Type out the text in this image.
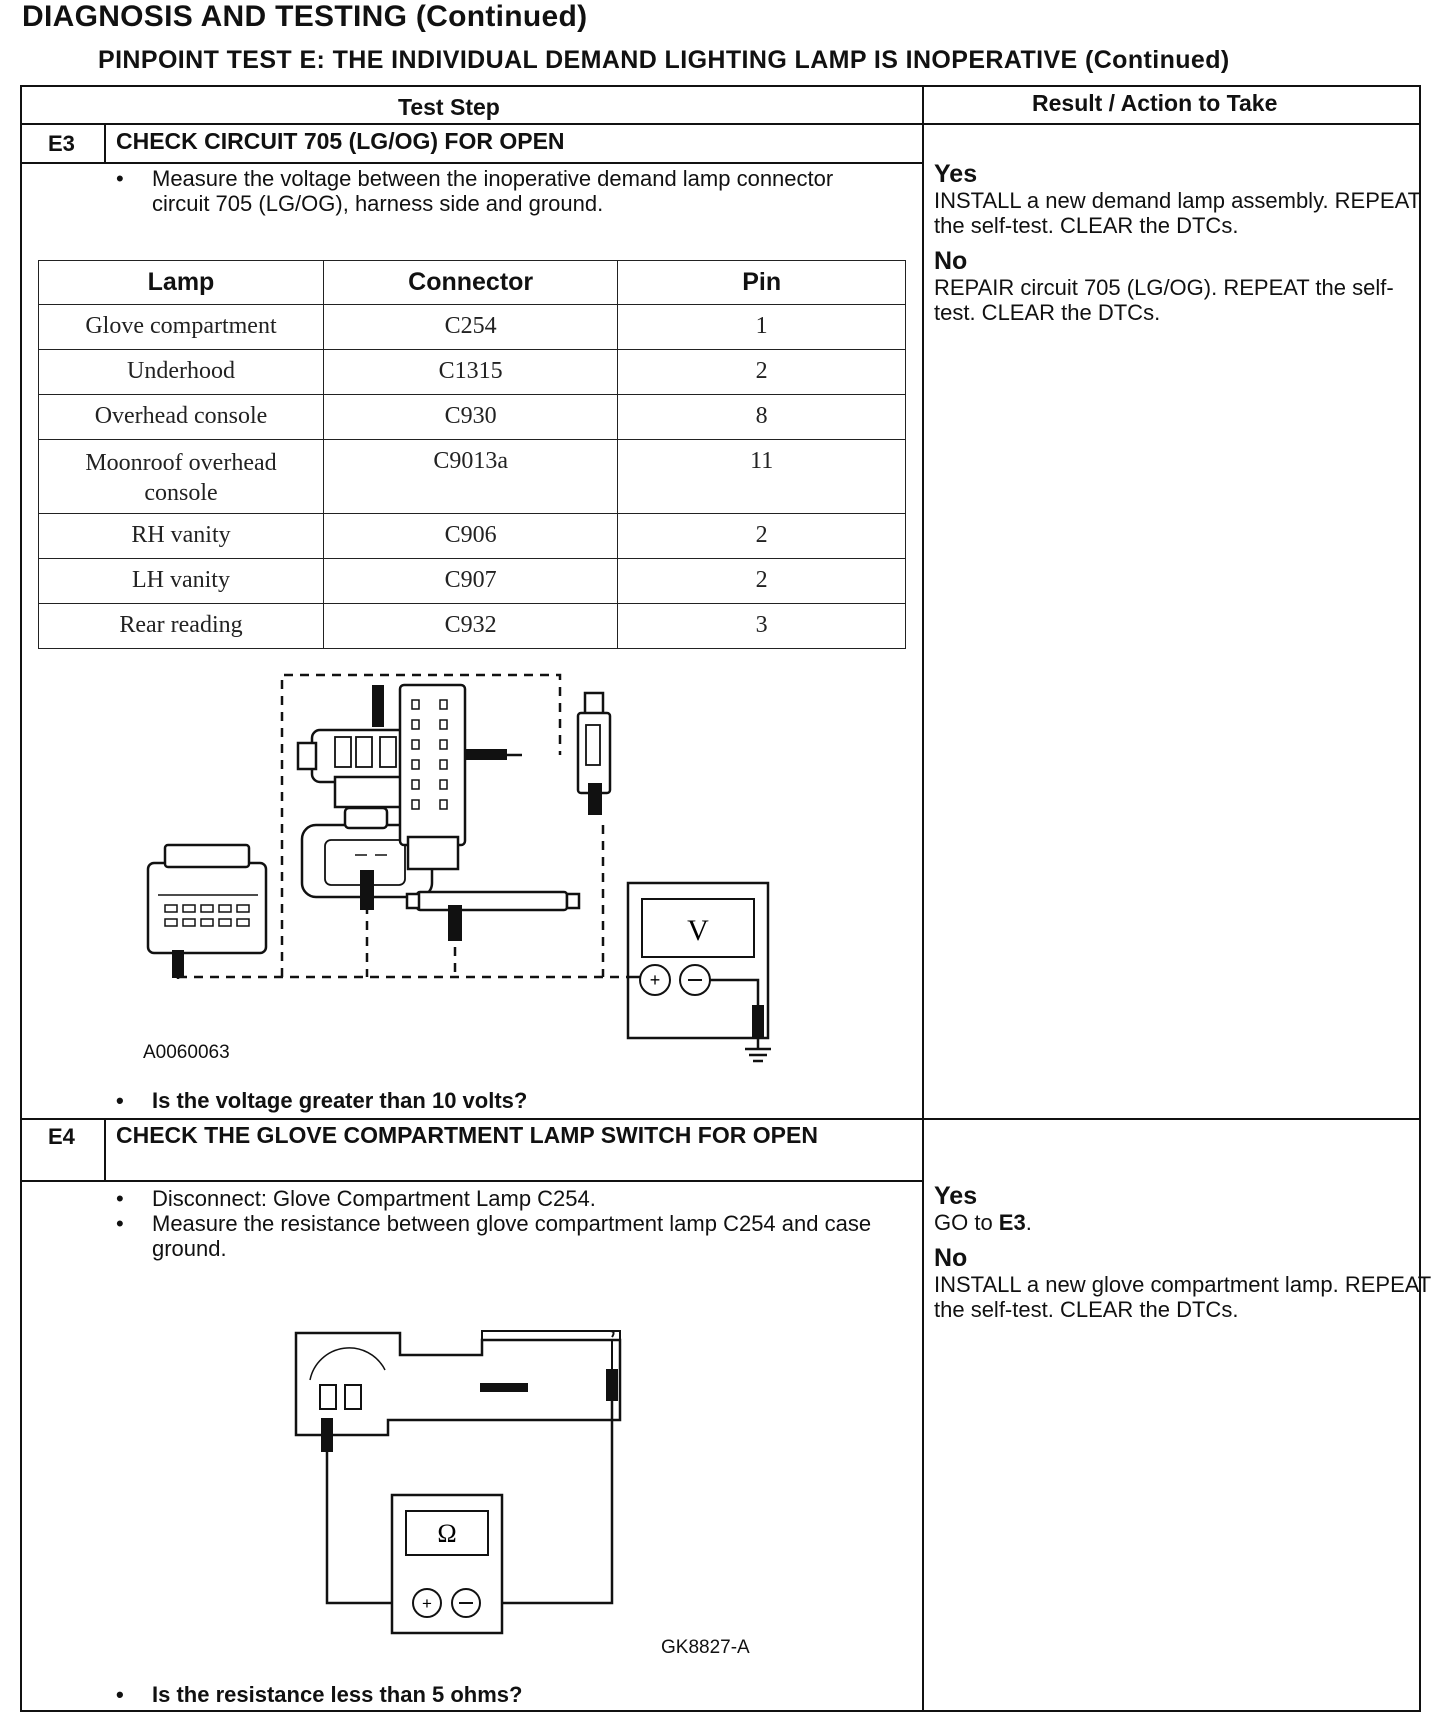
DIAGNOSIS AND TESTING (Continued)
PINPOINT TEST E: THE INDIVIDUAL DEMAND LIGHTING LAMP IS INOPERATIVE (Continued)
Test Step	Result / Action to Take
E3 CHECK CIRCUIT 705 (LG/OG) FOR OPEN
• Measure the voltage between the inoperative demand lamp connector circuit 705 (LG/OG), harness side and ground.
Lamp	Connector	Pin
Glove compartment	C254	1
Underhood	C1315	2
Overhead console	C930	8
Moonroof overhead console	C9013a	11
RH vanity	C906	2
LH vanity	C907	2
Rear reading	C932	3
V
+
A0060063
• Is the voltage greater than 10 volts?
Yes
INSTALL a new demand lamp assembly. REPEAT the self-test. CLEAR the DTCs.
No
REPAIR circuit 705 (LG/OG). REPEAT the self-test. CLEAR the DTCs.
E4 CHECK THE GLOVE COMPARTMENT LAMP SWITCH FOR OPEN
• Disconnect: Glove Compartment Lamp C254.
• Measure the resistance between glove compartment lamp C254 and case ground.
Ω
+
GK8827-A
• Is the resistance less than 5 ohms?
Yes
GO to E3.
No
INSTALL a new glove compartment lamp. REPEAT the self-test. CLEAR the DTCs.
